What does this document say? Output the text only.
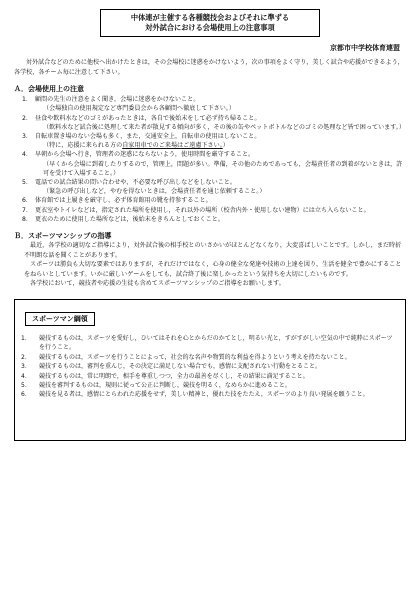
中体連が主催する各種競技会およびそれに準ずる
対外試合における会場使用上の注意事項
京都市中学校体育連盟

対外試合などのために他校へ出かけたときは，その会場校に迷惑をかけないよう，次の事項をよく守り，美しく試合や応援ができるよう，各学校，各チーム毎に注意して下さい。

Ａ．会場使用上の注意
1． 顧問の先生の注意をよく聞き，会場に迷惑をかけないこと。
（会場独自の使用規定など専門委員会から各顧問へ徹底して下さい。）
2． 昼食や飲料水などのゴミがあったときは，各自で後始末をして必ず持ち帰ること。
（飲料水など試合後に処理して来た者が散見する傾向が多く，その後の缶やペットボトルなどのゴミの処理など皆で困っています。）
3． 自転車置き場のない会場も多く，また，交通安全上，自転車の使用はしないこと。
（特に，応援に来られる方の自家用車でのご来場はご遠慮下さい。）
4． 早朝から会場へ行き，管理者の迷惑にならないよう，使用時間を厳守すること。
（早くから会場に到着したりするので，管理上，問題が多い。準備，その他のためであっても，会場責任者の到着がないときは，許可を受けて入場すること。）
5． 電話での試合結果の問い合わせや，不必要な呼び出しなどをしないこと。
（緊急の呼び出しなど，やむを得ないときは，会場責任者を通じ依頼すること。）
6． 体育館では上履きを厳守し，必ず体育館用の靴を持参すること。
7． 更衣室やトイレなどは，指定された場所を使用し，それ以外の場所（校舎内外・使用しない建物）には立ち入らないこと。
8． 更衣のために使用した場所などは，後始末をきちんとしておくこと。
Ｂ．スポーツマンシップの指導

最近，各学校の適切なご指導により，対外試合後の相手校とのいさかいがほとんどなくなり，大変喜ばしいことです。しかし，まだ時折不明朗な話を聞くことがあります。

スポーツは勝負も大切な要素ではありますが，それだけではなく，心身の健全な発達や技術の上達を図り，生活を健全で豊かにすることをねらいとしています。いかに厳しいゲームをしても，試合終了後に楽しかったという気持ちを大切にしたいものです。

各学校において，競技者や応援の生徒も含めてスポーツマンシップのご指導をお願いします。

スポーツマン綱領
1．	競技するものは，スポーツを愛好し，ひいてはそれを心とからだのかてとし，明るい光と，すがすがしい空気の中で純粋にスポーツを行うこと。
2．	競技するものは，スポーツを行うことによって，社会的な名声や物質的な利益を得ようという考えを持たないこと。
3．	競技するものは，審判を重んじ，その決定に満足しない場合でも，感情に支配されない行動をとること。
4．	競技するものは，常に明朗で，相手を尊重しつつ，全力の最善を尽くし，その結果に満足すること。
5．	競技を審判するものは，規則に従って公正に判断し，競技を明るく，なめらかに進めること。
6．	競技を見る者は，感情にとらわれた応援をせず，美しい精神と，優れた技をたたえ，スポーツのより良い発展を願うこと。
